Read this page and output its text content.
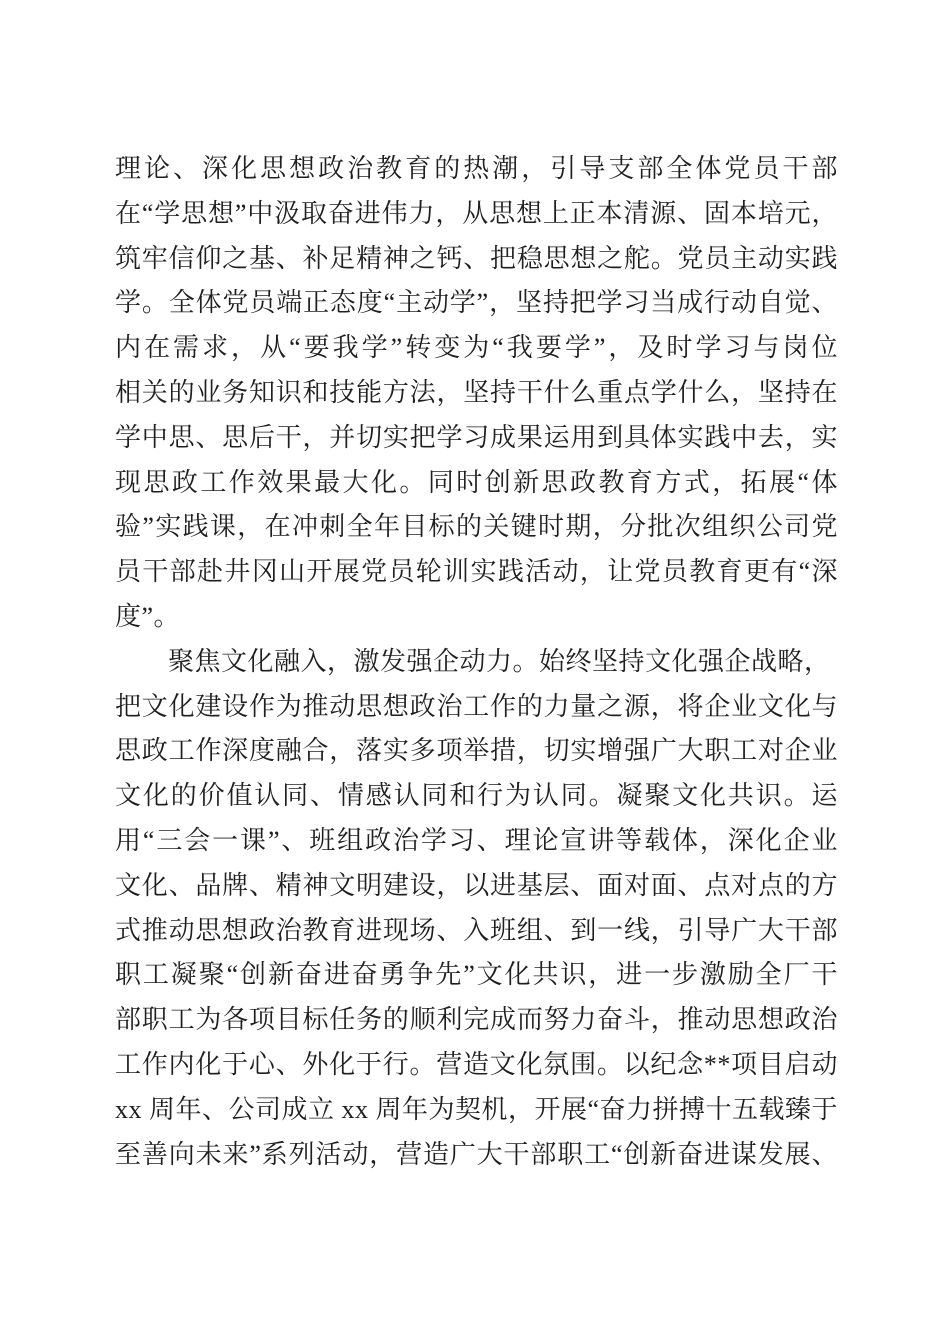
理论、深化思想政治教育的热潮，引导支部全体党员干部
在“学思想”中汲取奋进伟力，从思想上正本清源、固本培元，
筑牢信仰之基、补足精神之钙、把稳思想之舵。党员主动实践
学。全体党员端正态度“主动学”，坚持把学习当成行动自觉、
内在需求，从“要我学”转变为“我要学”，及时学习与岗位
相关的业务知识和技能方法，坚持干什么重点学什么，坚持在
学中思、思后干，并切实把学习成果运用到具体实践中去，实
现思政工作效果最大化。同时创新思政教育方式，拓展“体
验”实践课，在冲刺全年目标的关键时期，分批次组织公司党
员干部赴井冈山开展党员轮训实践活动，让党员教育更有“深
度”。
聚焦文化融入，激发强企动力。始终坚持文化强企战略，
把文化建设作为推动思想政治工作的力量之源，将企业文化与
思政工作深度融合，落实多项举措，切实增强广大职工对企业
文化的价值认同、情感认同和行为认同。凝聚文化共识。运
用“三会一课”、班组政治学习、理论宣讲等载体，深化企业
文化、品牌、精神文明建设，以进基层、面对面、点对点的方
式推动思想政治教育进现场、入班组、到一线，引导广大干部
职工凝聚“创新奋进奋勇争先”文化共识，进一步激励全厂干
部职工为各项目标任务的顺利完成而努力奋斗，推动思想政治
工作内化于心、外化于行。营造文化氛围。以纪念**项目启动
xx 周年、公司成立 xx 周年为契机，开展“奋力拼搏十五载臻于
至善向未来”系列活动，营造广大干部职工“创新奋进谋发展、
